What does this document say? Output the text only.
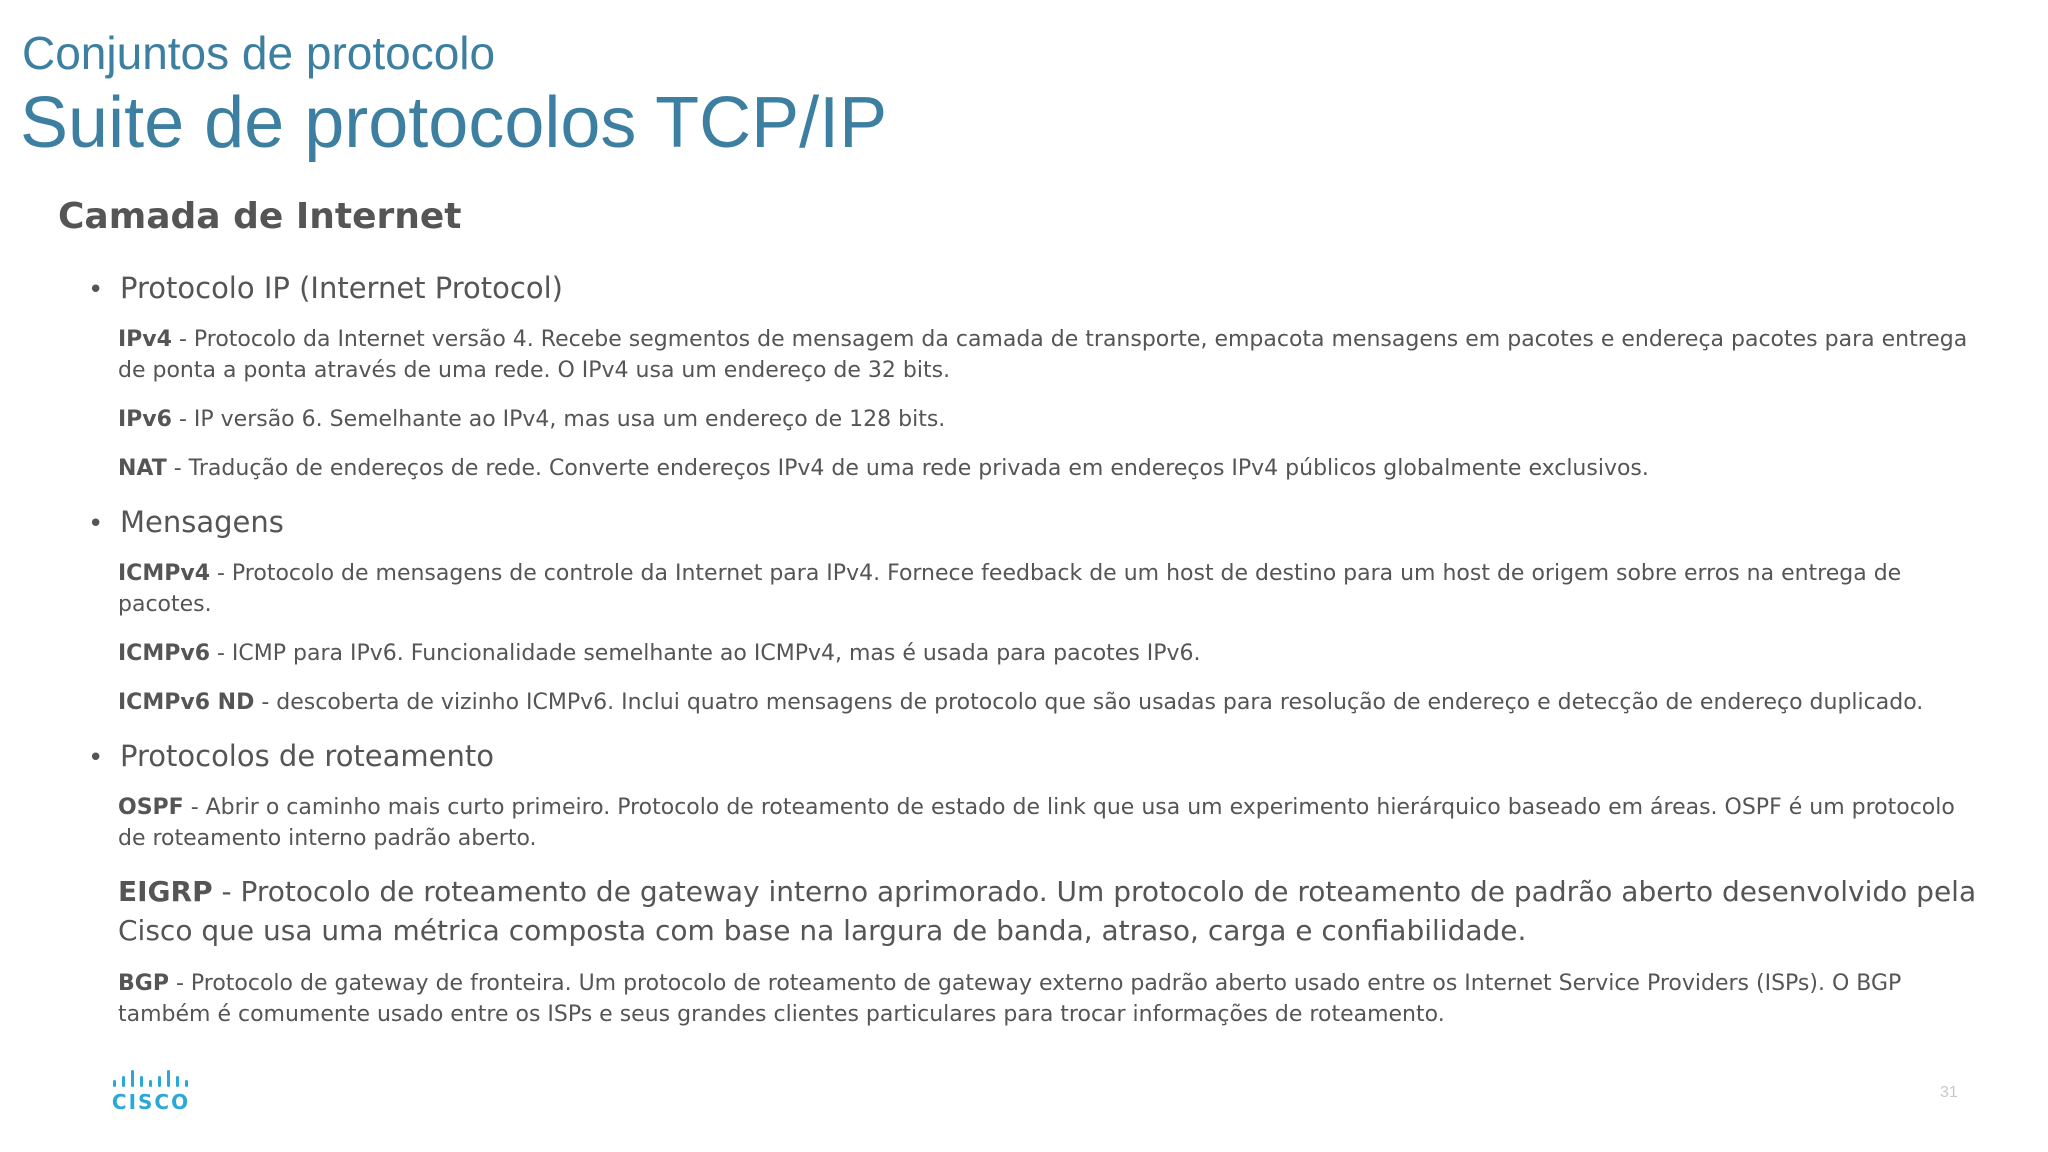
Conjuntos de protocolo
Suite de protocolos TCP/IP
Camada de Internet
• Protocolo IP (Internet Protocol)
IPv4 - Protocolo da Internet versão 4. Recebe segmentos de mensagem da camada de transporte, empacota mensagens em pacotes e endereça pacotes para entrega de ponta a ponta através de uma rede. O IPv4 usa um endereço de 32 bits.
IPv6 - IP versão 6. Semelhante ao IPv4, mas usa um endereço de 128 bits.
NAT - Tradução de endereços de rede. Converte endereços IPv4 de uma rede privada em endereços IPv4 públicos globalmente exclusivos.
• Mensagens
ICMPv4 - Protocolo de mensagens de controle da Internet para IPv4. Fornece feedback de um host de destino para um host de origem sobre erros na entrega de pacotes.
ICMPv6 - ICMP para IPv6. Funcionalidade semelhante ao ICMPv4, mas é usada para pacotes IPv6.
ICMPv6 ND - descoberta de vizinho ICMPv6. Inclui quatro mensagens de protocolo que são usadas para resolução de endereço e detecção de endereço duplicado.
• Protocolos de roteamento
OSPF - Abrir o caminho mais curto primeiro. Protocolo de roteamento de estado de link que usa um experimento hierárquico baseado em áreas. OSPF é um protocolo de roteamento interno padrão aberto.
EIGRP - Protocolo de roteamento de gateway interno aprimorado. Um protocolo de roteamento de padrão aberto desenvolvido pela Cisco que usa uma métrica composta com base na largura de banda, atraso, carga e confiabilidade.
BGP - Protocolo de gateway de fronteira. Um protocolo de roteamento de gateway externo padrão aberto usado entre os Internet Service Providers (ISPs). O BGP também é comumente usado entre os ISPs e seus grandes clientes particulares para trocar informações de roteamento.
CISCO	31
